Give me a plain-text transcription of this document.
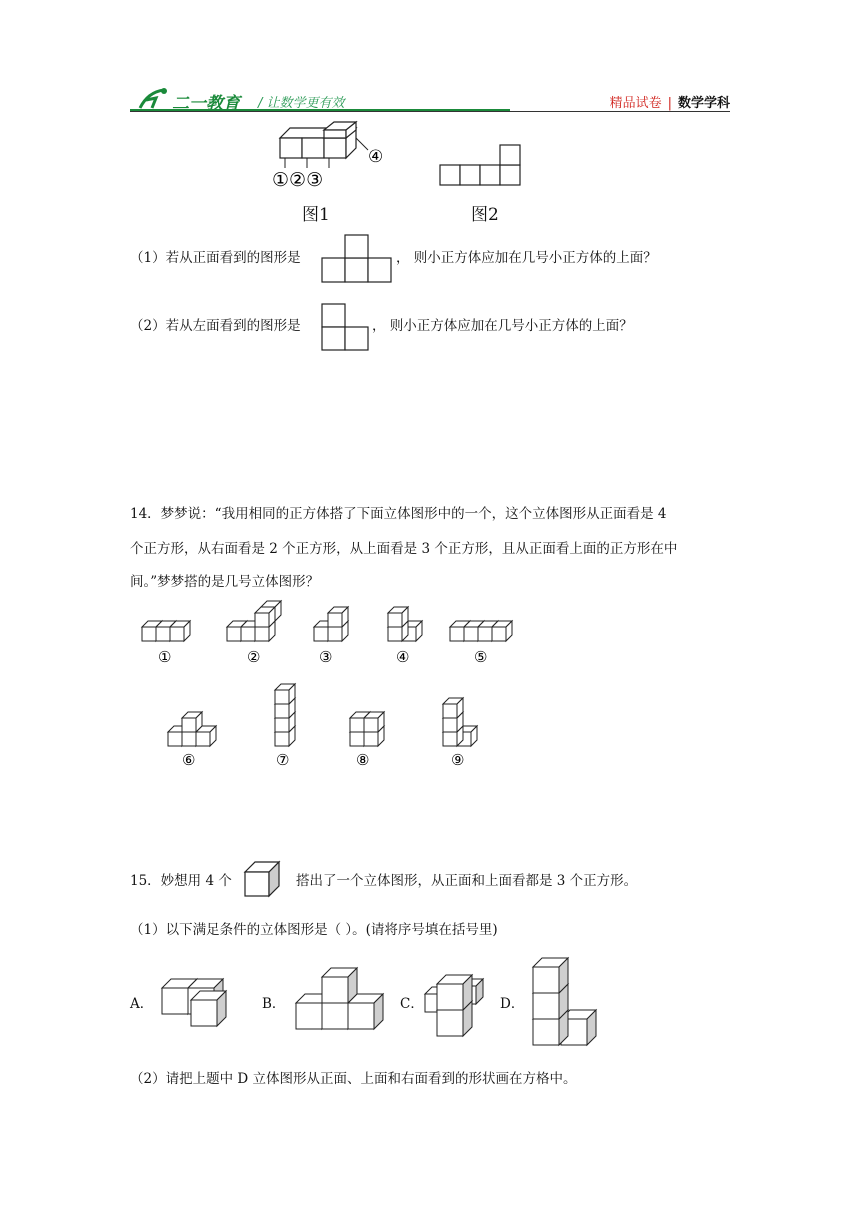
二一教育 / 让数学更有效	精品试卷 | 数学学科
④
①②③
图1	图2
（1）若从正面看到的图形是	， 则小正方体应加在几号小正方体的上面？
（2）若从左面看到的图形是	， 则小正方体应加在几号小正方体的上面？
14．梦梦说：“我用相同的正方体搭了下面立体图形中的一个，这个立体图形从正面看是 4
个正方形，从右面看是 2 个正方形，从上面看是 3 个正方形，且从正面看上面的正方形在中
间。”梦梦搭的是几号立体图形？
①	②	③	④	⑤
⑥	⑦	⑧	⑨
15．妙想用 4 个	搭出了一个立体图形，从正面和上面看都是 3 个正方形。
（1）以下满足条件的立体图形是（ ）。(请将序号填在括号里)
A．	B．	C．	D．
（2）请把上题中 D 立体图形从正面、上面和右面看到的形状画在方格中。
